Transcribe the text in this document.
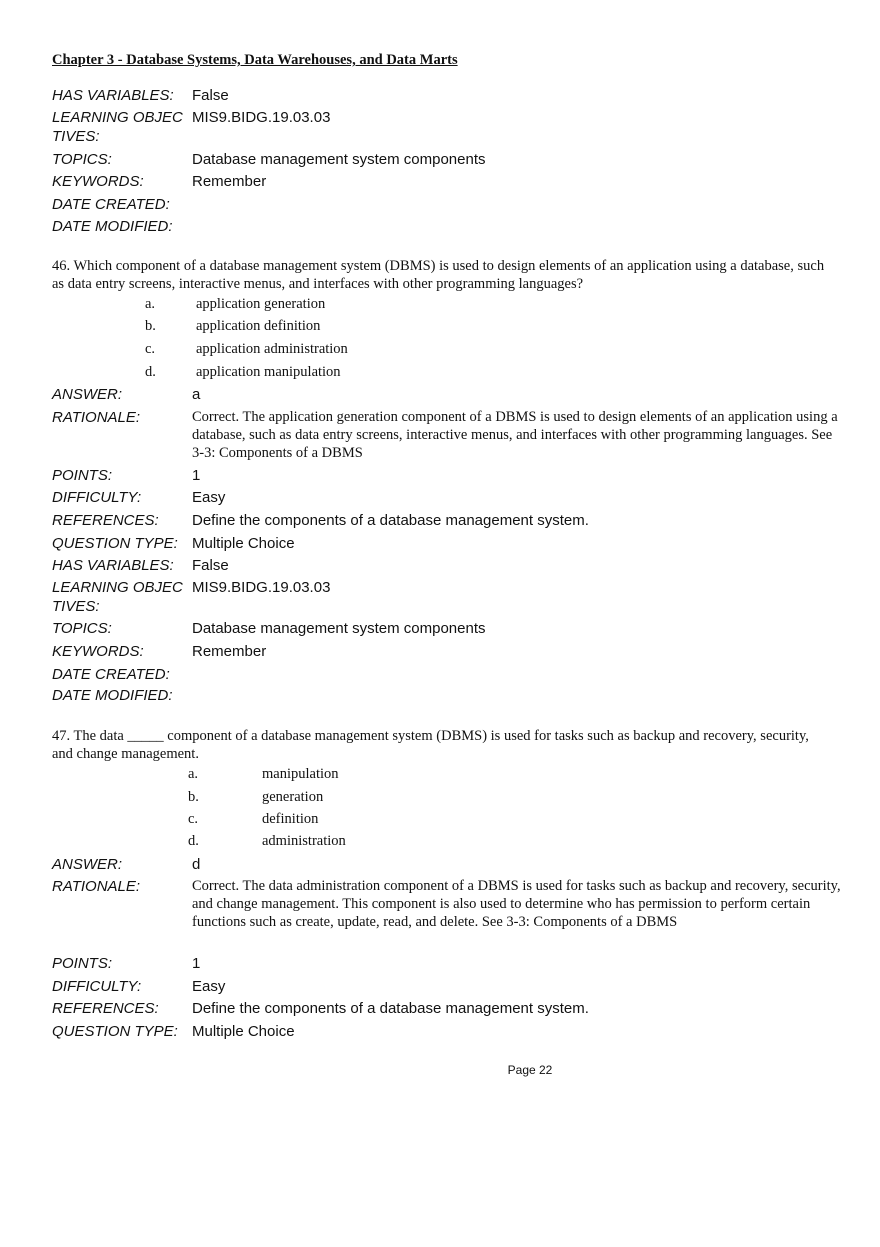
Chapter 3 - Database Systems, Data Warehouses, and Data Marts
HAS VARIABLES:	False
LEARNING OBJEC
TIVES:
MIS9.BIDG.19.03.03
TOPICS:	Database management system components
KEYWORDS:	Remember
DATE CREATED:
DATE MODIFIED:
46. Which component of a database management system (DBMS) is used to design elements of an application using a database, such as data entry screens, interactive menus, and interfaces with other programming languages?
a.	application generation
b.	application definition
c.	application administration
d.	application manipulation
ANSWER:	a
RATIONALE:	Correct. The application generation component of a DBMS is used to design elements of an application using a database, such as data entry screens, interactive menus, and interfaces with other programming languages. See 3-3: Components of a DBMS
POINTS:	1
DIFFICULTY:	Easy
REFERENCES:	Define the components of a database management system.
QUESTION TYPE: Multiple Choice
HAS VARIABLES:	False
LEARNING OBJEC
TIVES:
MIS9.BIDG.19.03.03
TOPICS:	Database management system components
KEYWORDS:	Remember
DATE CREATED:
DATE MODIFIED:
47. The data _____ component of a database management system (DBMS) is used for tasks such as backup and recovery, security, and change management.
a.	manipulation
b.	generation
c.	definition
d.	administration
ANSWER:	d
RATIONALE:	Correct. The data administration component of a DBMS is used for tasks such as backup and recovery, security, and change management. This component is also used to determine who has permission to perform certain functions such as create, update, read, and delete. See 3-3: Components of a DBMS
POINTS:	1
DIFFICULTY:	Easy
REFERENCES:	Define the components of a database management system.
QUESTION TYPE: Multiple Choice
Page 22
